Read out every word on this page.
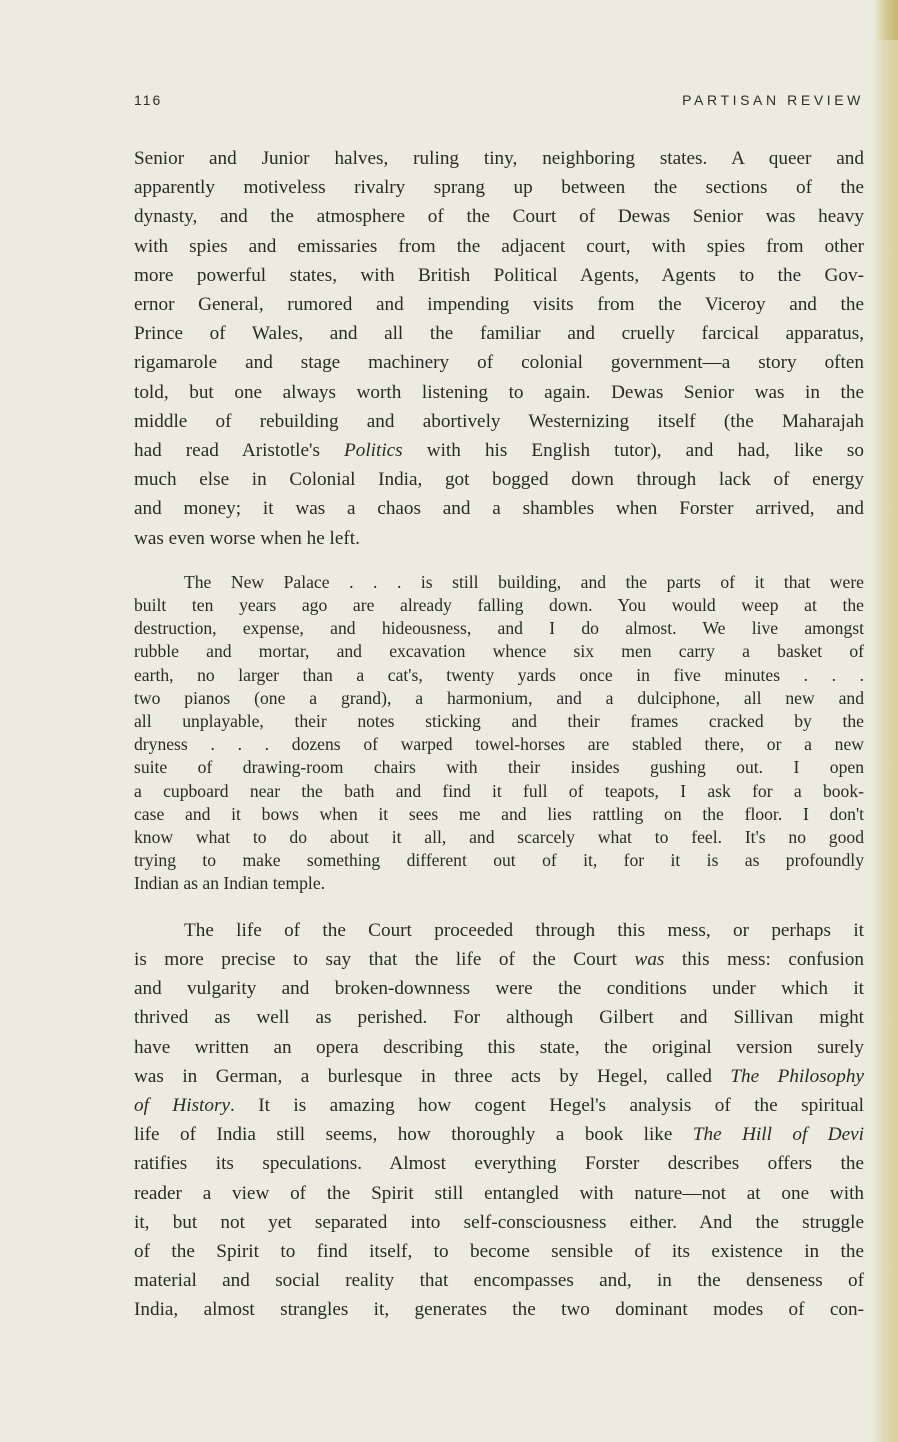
116	PARTISAN REVIEW

Senior and Junior halves, ruling tiny, neighboring states. A queer and
apparently motiveless rivalry sprang up between the sections of the
dynasty, and the atmosphere of the Court of Dewas Senior was heavy
with spies and emissaries from the adjacent court, with spies from other
more powerful states, with British Political Agents, Agents to the Gov-
ernor General, rumored and impending visits from the Viceroy and the
Prince of Wales, and all the familiar and cruelly farcical apparatus,
rigamarole and stage machinery of colonial government—a story often
told, but one always worth listening to again. Dewas Senior was in the
middle of rebuilding and abortively Westernizing itself (the Maharajah
had read Aristotle's Politics with his English tutor), and had, like so
much else in Colonial India, got bogged down through lack of energy
and money; it was a chaos and a shambles when Forster arrived, and
was even worse when he left.

The New Palace . . . is still building, and the parts of it that were
built ten years ago are already falling down. You would weep at the
destruction, expense, and hideousness, and I do almost. We live amongst
rubble and mortar, and excavation whence six men carry a basket of
earth, no larger than a cat's, twenty yards once in five minutes . . .
two pianos (one a grand), a harmonium, and a dulciphone, all new and
all unplayable, their notes sticking and their frames cracked by the
dryness . . . dozens of warped towel-horses are stabled there, or a new
suite of drawing-room chairs with their insides gushing out. I open
a cupboard near the bath and find it full of teapots, I ask for a book-
case and it bows when it sees me and lies rattling on the floor. I don't
know what to do about it all, and scarcely what to feel. It's no good
trying to make something different out of it, for it is as profoundly
Indian as an Indian temple.

The life of the Court proceeded through this mess, or perhaps it
is more precise to say that the life of the Court was this mess: confusion
and vulgarity and broken-downness were the conditions under which it
thrived as well as perished. For although Gilbert and Sillivan might
have written an opera describing this state, the original version surely
was in German, a burlesque in three acts by Hegel, called The Philosophy
of History. It is amazing how cogent Hegel's analysis of the spiritual
life of India still seems, how thoroughly a book like The Hill of Devi
ratifies its speculations. Almost everything Forster describes offers the
reader a view of the Spirit still entangled with nature—not at one with
it, but not yet separated into self-consciousness either. And the struggle
of the Spirit to find itself, to become sensible of its existence in the
material and social reality that encompasses and, in the denseness of
India, almost strangles it, generates the two dominant modes of con-
